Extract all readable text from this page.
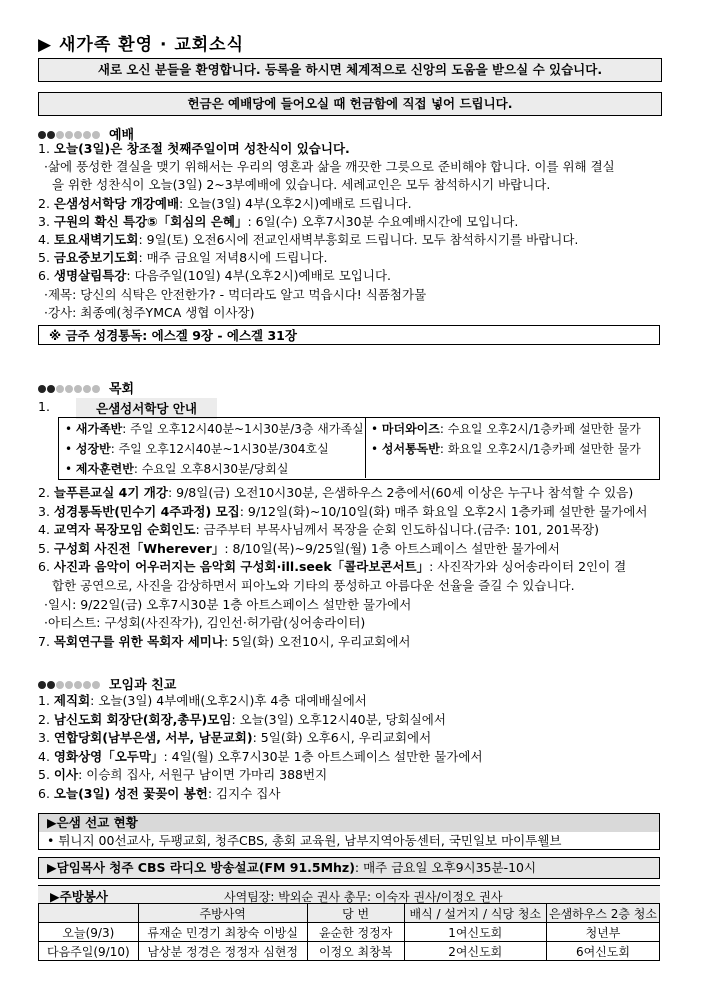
▶ 새가족 환영 · 교회소식
새로 오신 분들을 환영합니다. 등록을 하시면 체계적으로 신앙의 도움을 받으실 수 있습니다.
헌금은 예배당에 들어오실 때 헌금함에 직접 넣어 드립니다.
예배
1. 오늘(3일)은 창조절 첫째주일이며 성찬식이 있습니다.
·삶에 풍성한 결실을 맺기 위해서는 우리의 영혼과 삶을 깨끗한 그릇으로 준비해야 합니다. 이를 위해 결실
을 위한 성찬식이 오늘(3일) 2~3부예배에 있습니다. 세례교인은 모두 참석하시기 바랍니다.
2. 은샘성서학당 개강예배: 오늘(3일) 4부(오후2시)예배로 드립니다.
3. 구원의 확신 특강⑤「회심의 은혜」: 6일(수) 오후7시30분 수요예배시간에 모입니다.
4. 토요새벽기도회: 9일(토) 오전6시에 전교인새벽부흥회로 드립니다. 모두 참석하시기를 바랍니다.
5. 금요중보기도회: 매주 금요일 저녁8시에 드립니다.
6. 생명살림특강: 다음주일(10일) 4부(오후2시)예배로 모입니다.
·제목: 당신의 식탁은 안전한가? - 먹더라도 알고 먹읍시다! 식품첨가물
·강사: 최종예(청주YMCA 생협 이사장)
※ 금주 성경통독: 에스겔 9장 - 에스겔 31장
목회
1.	은샘성서학당 안내
• 새가족반: 주일 오후12시40분~1시30분/3층 새가족실
• 성장반: 주일 오후12시40분~1시30분/304호실
• 제자훈련반: 수요일 오후8시30분/당회실
• 마더와이즈: 수요일 오후2시/1층카페 설만한 물가
• 성서통독반: 화요일 오후2시/1층카페 설만한 물가
2. 늘푸른교실 4기 개강: 9/8일(금) 오전10시30분, 은샘하우스 2층에서(60세 이상은 누구나 참석할 수 있음)
3. 성경통독반(민수기 4주과정) 모집: 9/12일(화)~10/10일(화) 매주 화요일 오후2시 1층카페 설만한 물가에서
4. 교역자 목장모임 순회인도: 금주부터 부목사님께서 목장을 순회 인도하십니다.(금주: 101, 201목장)
5. 구성회 사진전「Wherever」: 8/10일(목)~9/25일(월) 1층 아트스페이스 설만한 물가에서
6. 사진과 음악이 어우러지는 음악회 구성회·ill.seek「콜라보콘서트」: 사진작가와 싱어송라이터 2인이 결
합한 공연으로, 사진을 감상하면서 피아노와 기타의 풍성하고 아름다운 선율을 즐길 수 있습니다.
·일시: 9/22일(금) 오후7시30분 1층 아트스페이스 설만한 물가에서
·아티스트: 구성회(사진작가), 김인선·허가람(싱어송라이터)
7. 목회연구를 위한 목회자 세미나: 5일(화) 오전10시, 우리교회에서
모임과 친교
1. 제직회: 오늘(3일) 4부예배(오후2시)후 4층 대예배실에서
2. 남신도회 회장단(회장,총무)모임: 오늘(3일) 오후12시40분, 당회실에서
3. 연합당회(남부은샘, 서부, 남문교회): 5일(화) 오후6시, 우리교회에서
4. 영화상영「오두막」: 4일(월) 오후7시30분 1층 아트스페이스 설만한 물가에서
5. 이사: 이승희 집사, 서원구 남이면 가마리 388번지
6. 오늘(3일) 성전 꽃꽂이 봉헌: 김지수 집사
▶은샘 선교 현황
• 튀니지 00선교사, 두팽교회, 청주CBS, 총회 교육원, 남부지역아동센터, 국민일보 마이투웰브
▶담임목사 청주 CBS 라디오 방송설교(FM 91.5Mhz): 매주 금요일 오후9시35분-10시
▶주방봉사	사역팀장: 박외순 권사 총무: 이숙자 권사/이정오 권사
	주방사역	당 번	배식 / 설거지 / 식당 청소	은샘하우스 2층 청소
오늘(9/3)	류재순 민경기 최창숙 이방실	윤순한 정정자	1여신도회	청년부
다음주일(9/10)	남상분 정경은 정정자 심현정	이정오 최창복	2여신도회	6여신도회
